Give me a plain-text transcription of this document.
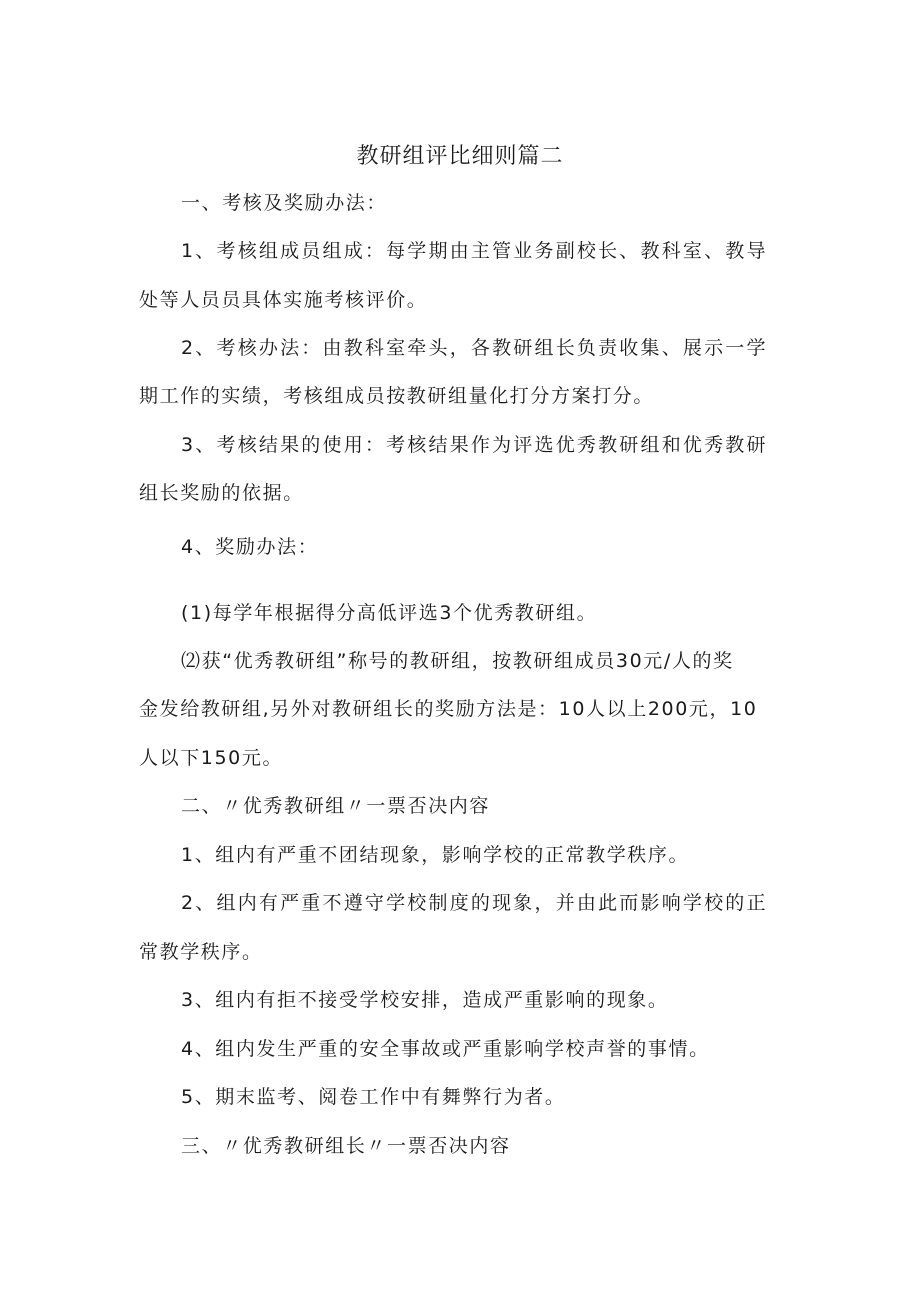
教研组评比细则篇二
一、考核及奖励办法：
1、考核组成员组成：每学期由主管业务副校长、教科室、教导
处等人员员具体实施考核评价。
2、考核办法：由教科室牵头，各教研组长负责收集、展示一学
期工作的实绩，考核组成员按教研组量化打分方案打分。
3、考核结果的使用：考核结果作为评选优秀教研组和优秀教研
组长奖励的依据。
4、奖励办法：
(1)每学年根据得分高低评选3个优秀教研组。
⑵获“优秀教研组”称号的教研组，按教研组成员30元/人的奖
金发给教研组,另外对教研组长的奖励方法是：10人以上200元，10
人以下150元。
二、〃优秀教研组〃一票否决内容
1、组内有严重不团结现象，影响学校的正常教学秩序。
2、组内有严重不遵守学校制度的现象，并由此而影响学校的正
常教学秩序。
3、组内有拒不接受学校安排，造成严重影响的现象。
4、组内发生严重的安全事故或严重影响学校声誉的事情。
5、期末监考、阅卷工作中有舞弊行为者。
三、〃优秀教研组长〃一票否决内容
